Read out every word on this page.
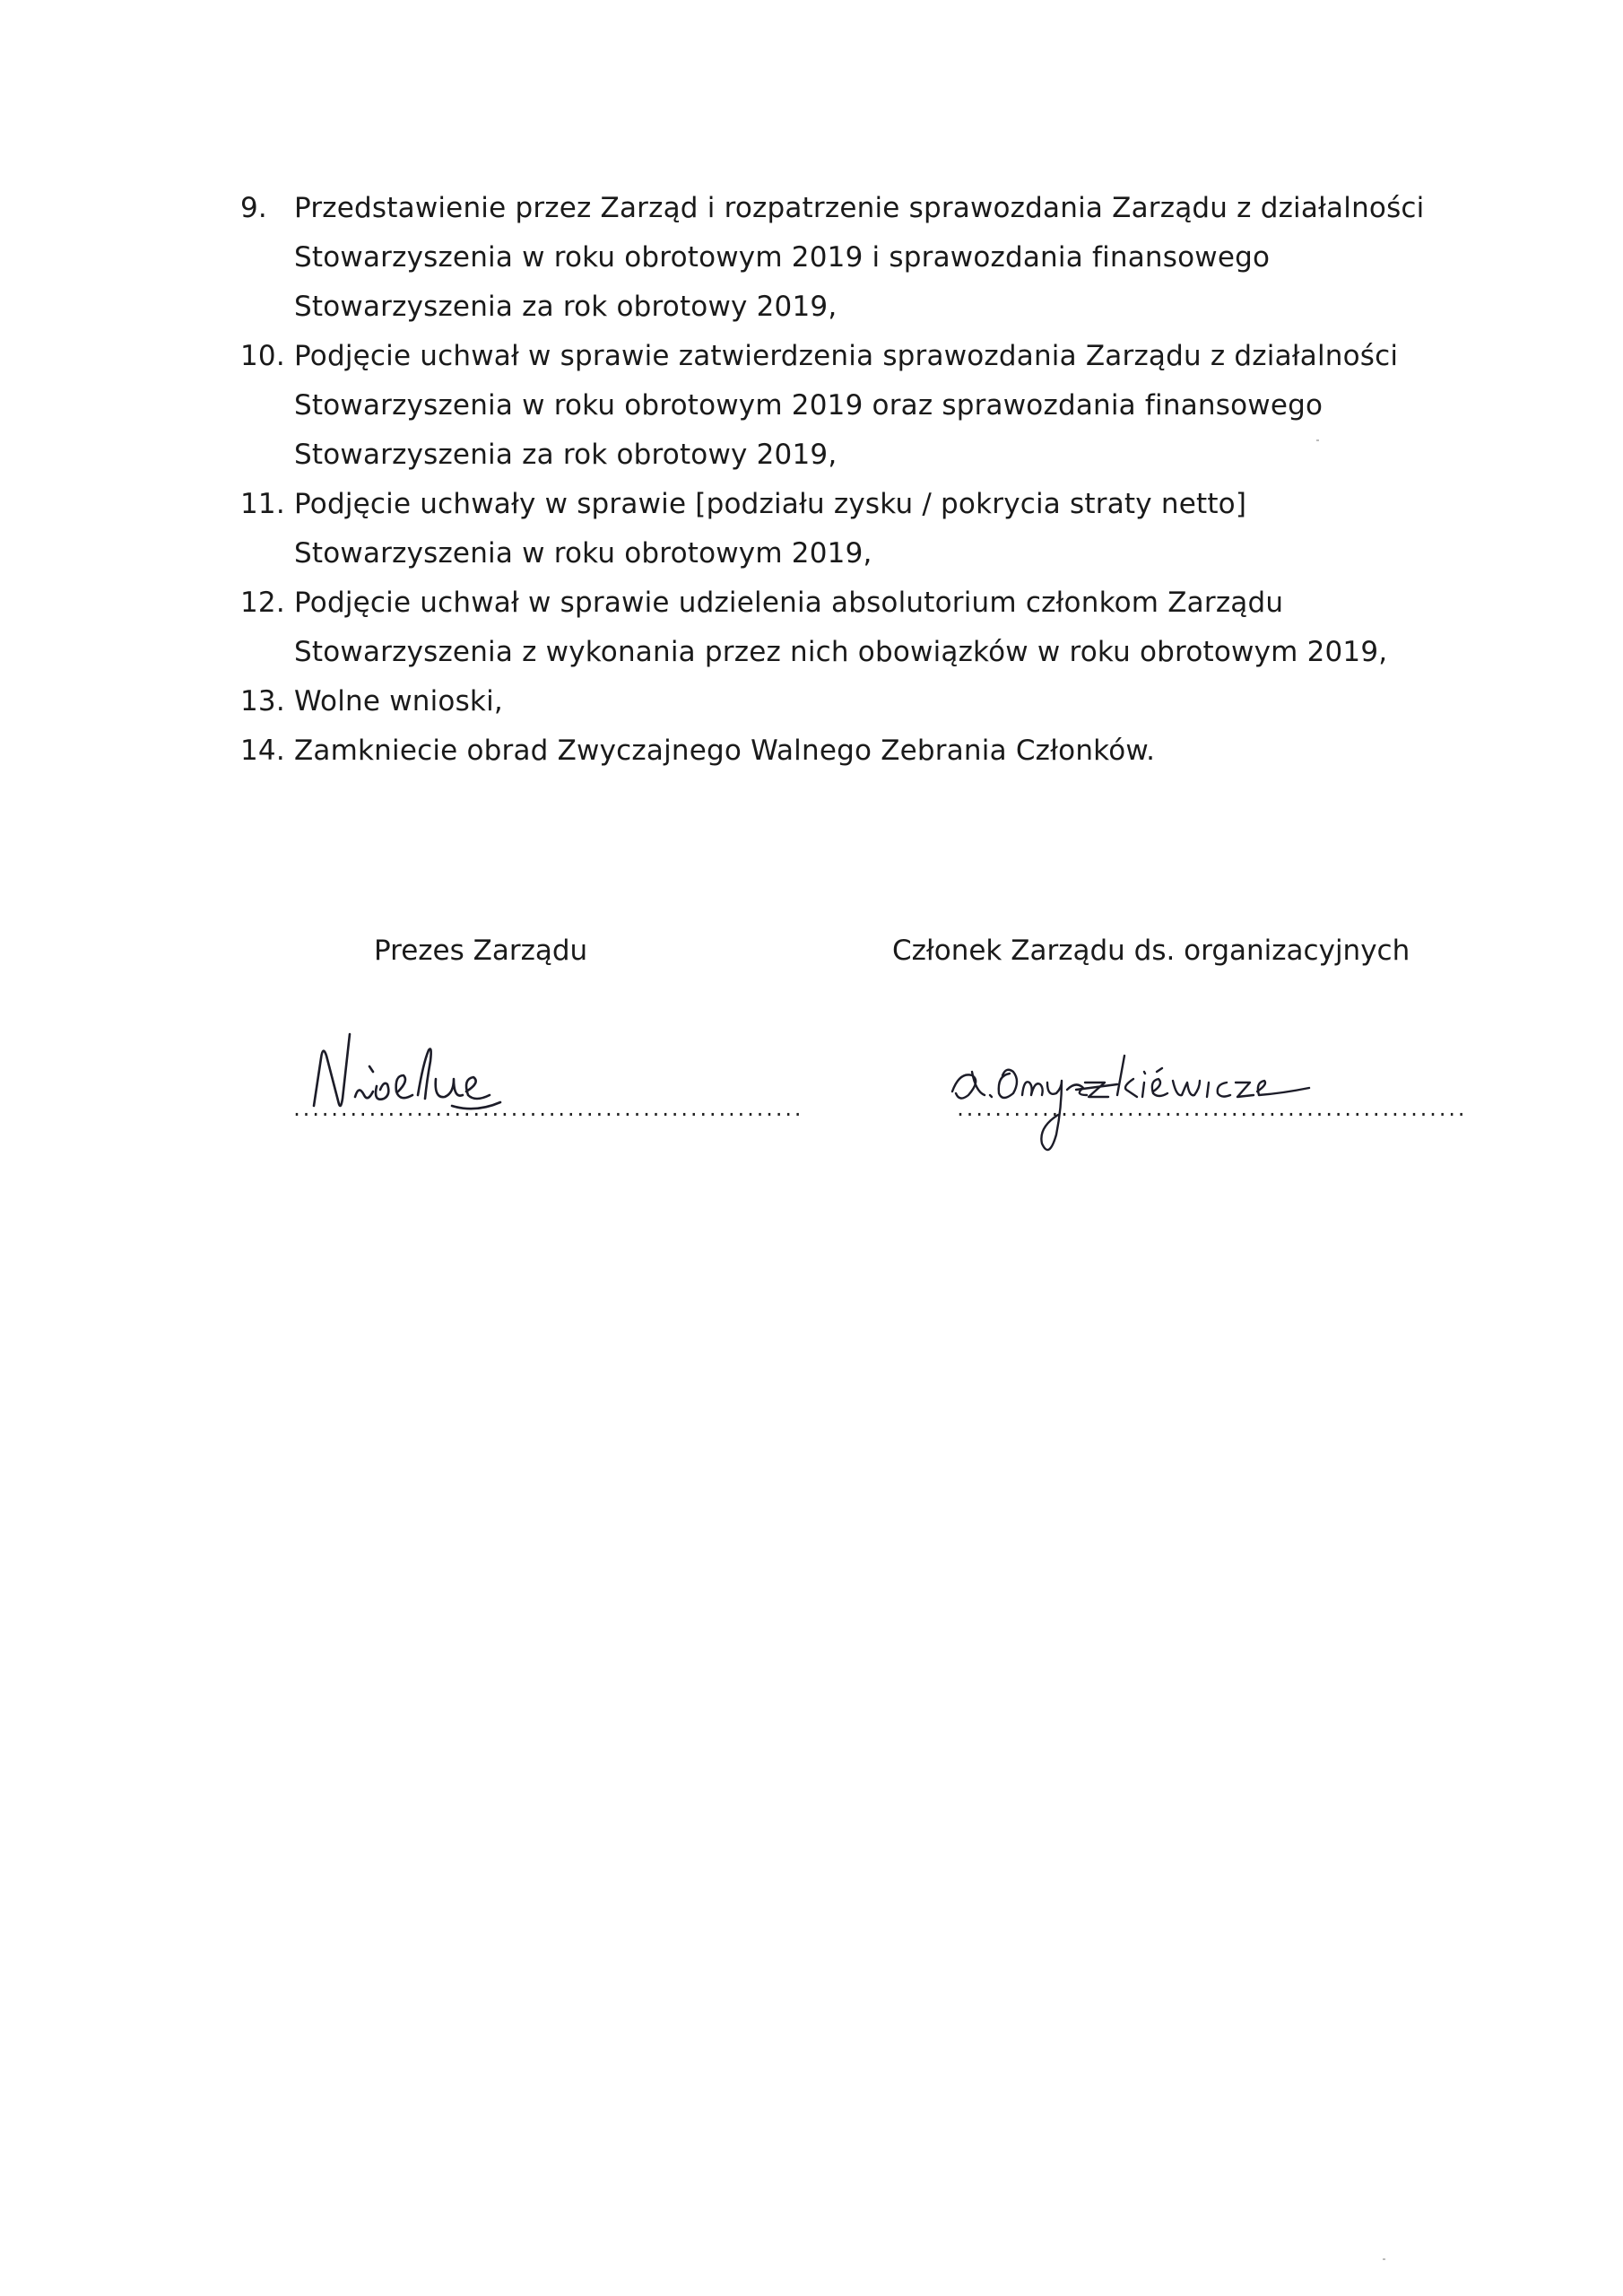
9. Przedstawienie przez Zarząd i rozpatrzenie sprawozdania Zarządu z działalności
Stowarzyszenia w roku obrotowym 2019 i sprawozdania finansowego
Stowarzyszenia za rok obrotowy 2019,
10. Podjęcie uchwał w sprawie zatwierdzenia sprawozdania Zarządu z działalności
Stowarzyszenia w roku obrotowym 2019 oraz sprawozdania finansowego
Stowarzyszenia za rok obrotowy 2019,
11. Podjęcie uchwały w sprawie [podziału zysku / pokrycia straty netto]
Stowarzyszenia w roku obrotowym 2019,
12. Podjęcie uchwał w sprawie udzielenia absolutorium członkom Zarządu
Stowarzyszenia z wykonania przez nich obowiązków w roku obrotowym 2019,
13. Wolne wnioski,
14. Zamkniecie obrad Zwyczajnego Walnego Zebrania Członków.
Prezes Zarządu	Członek Zarządu ds. organizacyjnych
......................................................	......................................................
